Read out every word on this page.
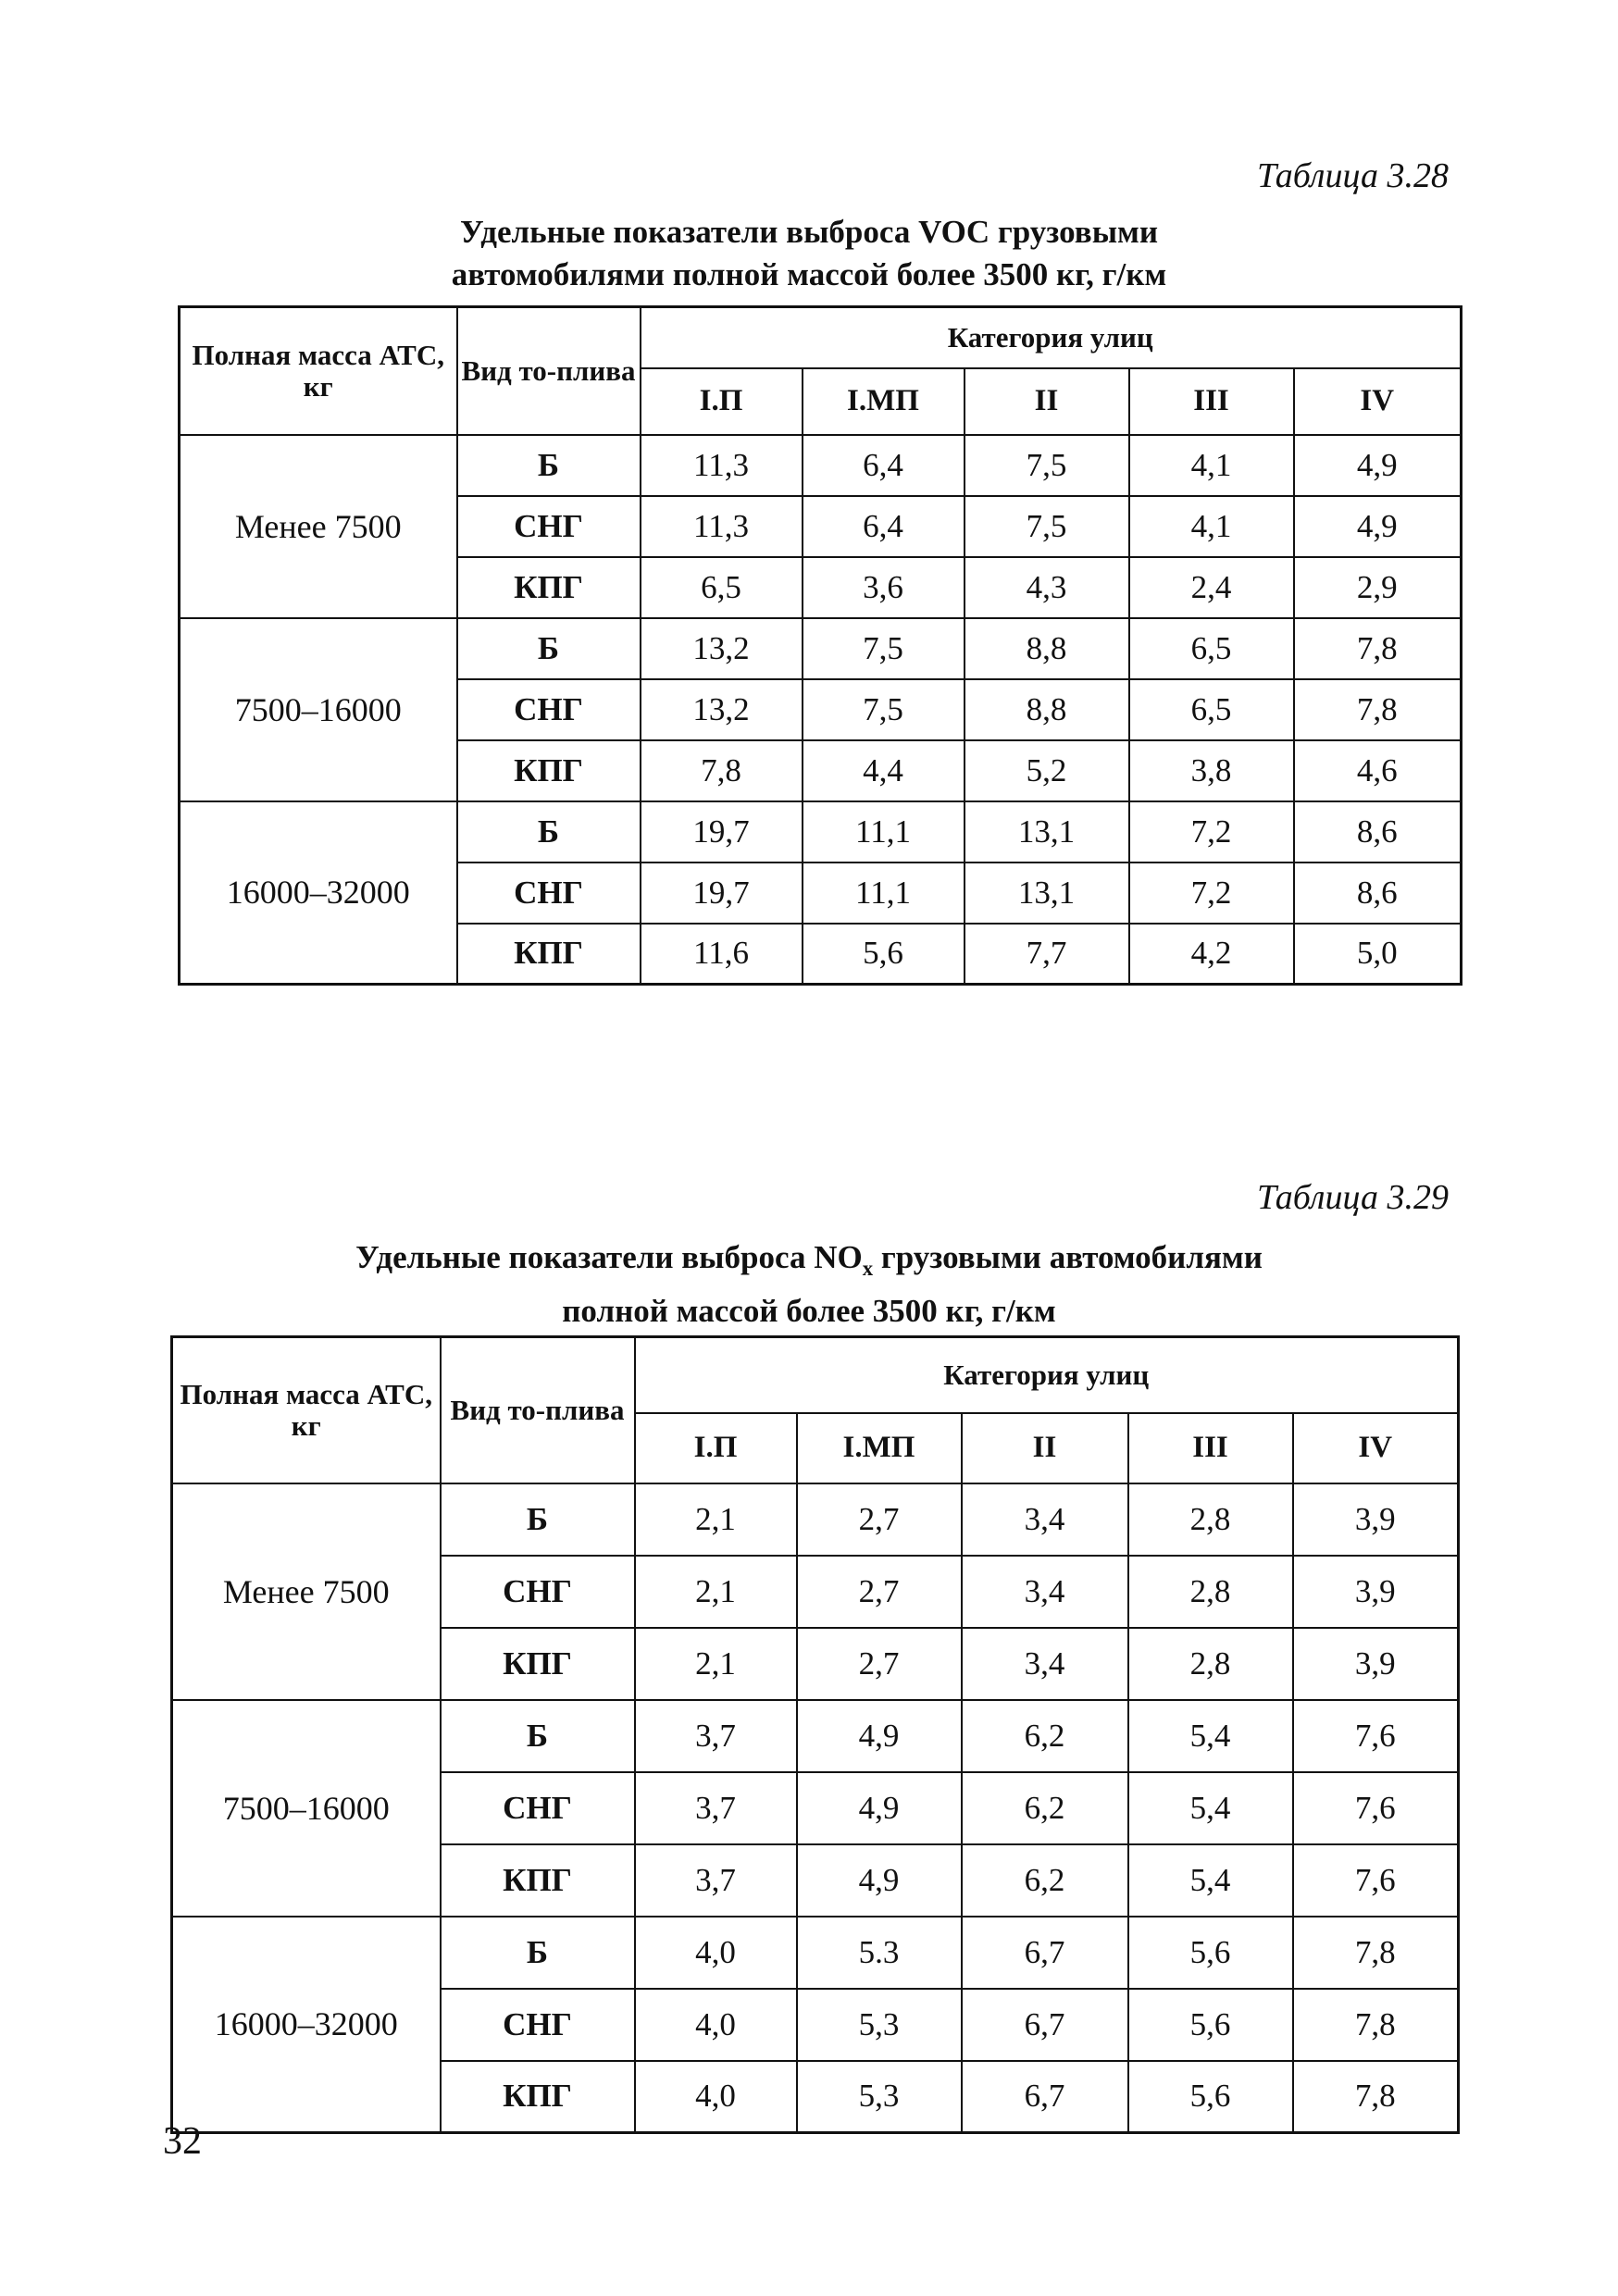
Таблица 3.28
Удельные показатели выброса VOC грузовыми
автомобилями полной массой более 3500 кг, г/км
Полная масса АТС, кг	Вид то-плива	Категория улиц				
		I.П	I.МП	II	III	IV
Менее 7500	Б	11,3	6,4	7,5	4,1	4,9
	СНГ	11,3	6,4	7,5	4,1	4,9
	КПГ	6,5	3,6	4,3	2,4	2,9
7500–16000	Б	13,2	7,5	8,8	6,5	7,8
	СНГ	13,2	7,5	8,8	6,5	7,8
	КПГ	7,8	4,4	5,2	3,8	4,6
16000–32000	Б	19,7	11,1	13,1	7,2	8,6
	СНГ	19,7	11,1	13,1	7,2	8,6
	КПГ	11,6	5,6	7,7	4,2	5,0
Таблица 3.29
Удельные показатели выброса $NO_x$ грузовыми автомобилями
полной массой более 3500 кг, г/км
Полная масса АТС, кг	Вид то-плива	Категория улиц				
		I.П	I.МП	II	III	IV
Менее 7500	Б	2,1	2,7	3,4	2,8	3,9
	СНГ	2,1	2,7	3,4	2,8	3,9
	КПГ	2,1	2,7	3,4	2,8	3,9
7500–16000	Б	3,7	4,9	6,2	5,4	7,6
	СНГ	3,7	4,9	6,2	5,4	7,6
	КПГ	3,7	4,9	6,2	5,4	7,6
16000–32000	Б	4,0	5.3	6,7	5,6	7,8
	СНГ	4,0	5,3	6,7	5,6	7,8
	КПГ	4,0	5,3	6,7	5,6	7,8
32
